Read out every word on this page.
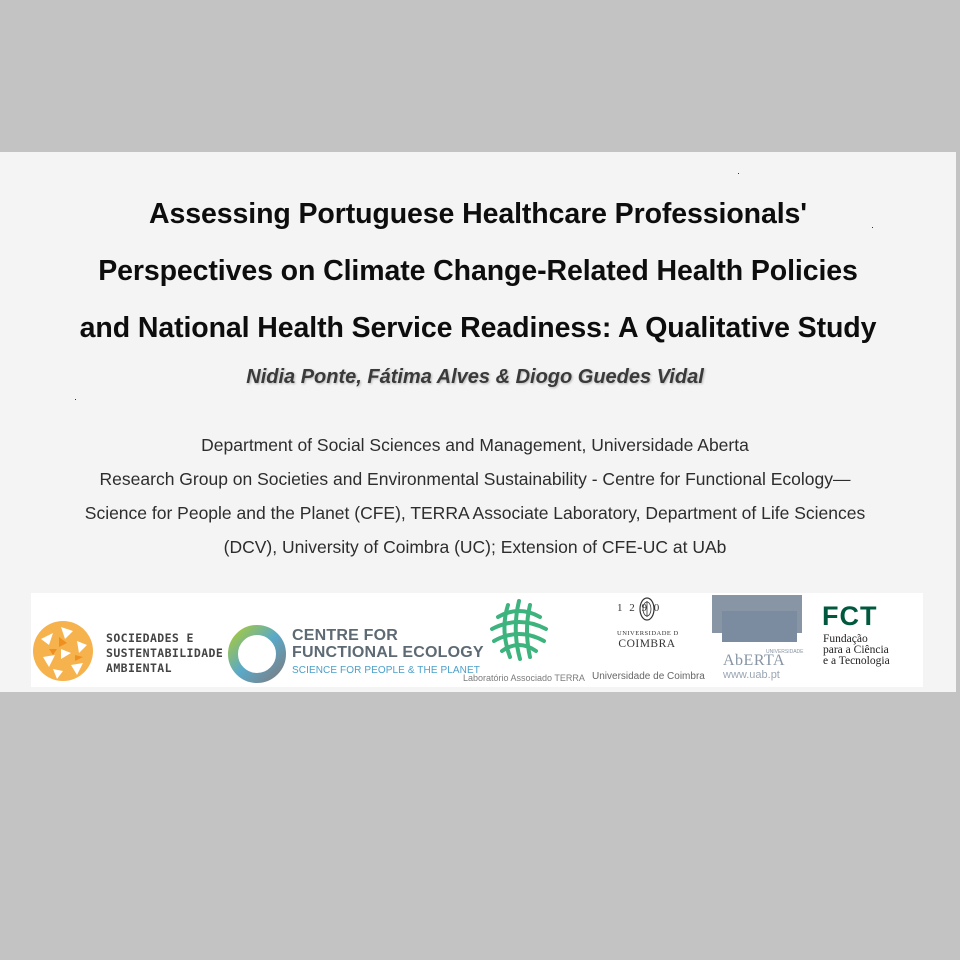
Assessing Portuguese Healthcare Professionals'
Perspectives on Climate Change-Related Health Policies
and National Health Service Readiness: A Qualitative Study
Nidia Ponte, Fátima Alves & Diogo Guedes Vidal
Department of Social Sciences and Management, Universidade Aberta
Research Group on Societies and Environmental Sustainability - Centre for Functional Ecology—
Science for People and the Planet (CFE), TERRA Associate Laboratory, Department of Life Sciences
(DCV), University of Coimbra (UC); Extension of CFE-UC at UAb
SOCIEDADES E
SUSTENTABILIDADE
AMBIENTAL
CENTRE FOR
FUNCTIONAL ECOLOGY
SCIENCE FOR PEOPLE & THE PLANET
Laboratório Associado TERRA
1 2 9 0
UNIVERSIDADE D
COIMBRA
Universidade de Coimbra
UNIVERSIDADE
AbERTA
www.uab.pt
FCT
Fundação
para a Ciência
e a Tecnologia
